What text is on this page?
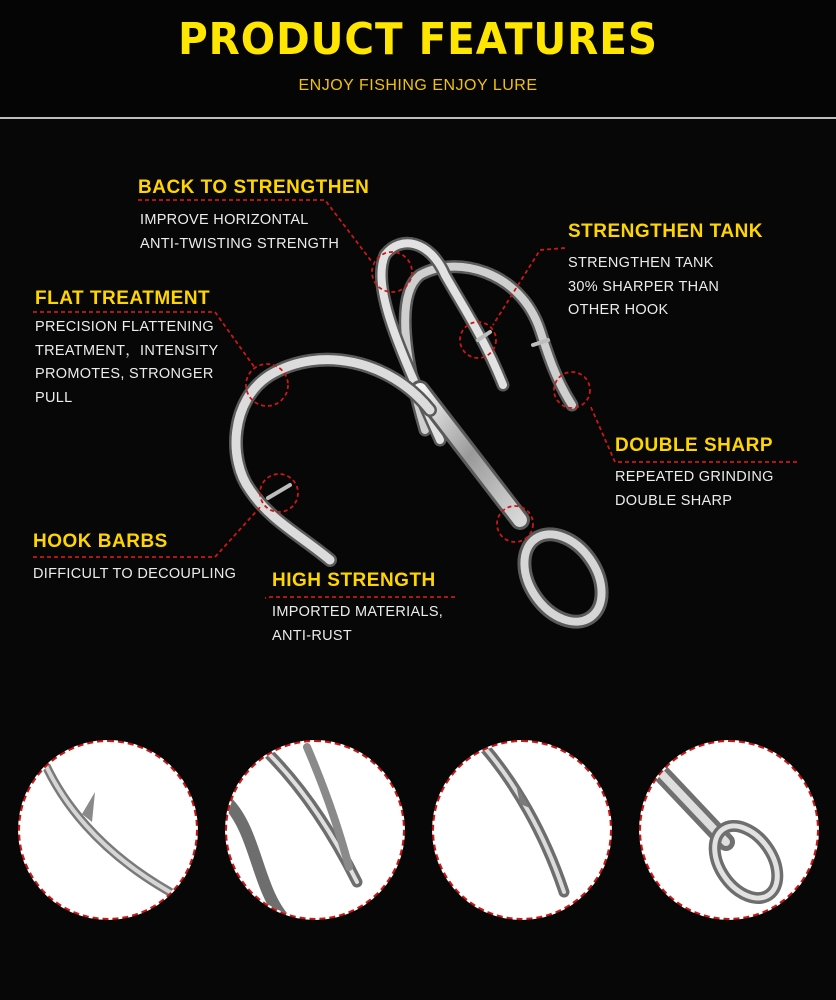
PRODUCT FEATURES
ENJOY FISHING ENJOY LURE
BACK TO STRENGTHEN
IMPROVE HORIZONTAL
ANTI-TWISTING STRENGTH
STRENGTHEN TANK
STRENGTHEN TANK
30% SHARPER THAN
OTHER HOOK
FLAT TREATMENT
PRECISION FLATTENING
TREATMENT，INTENSITY
PROMOTES, STRONGER
PULL
DOUBLE SHARP
REPEATED GRINDING
DOUBLE SHARP
HOOK BARBS
DIFFICULT TO DECOUPLING HIGH STRENGTH
IMPORTED MATERIALS,
ANTI-RUST
